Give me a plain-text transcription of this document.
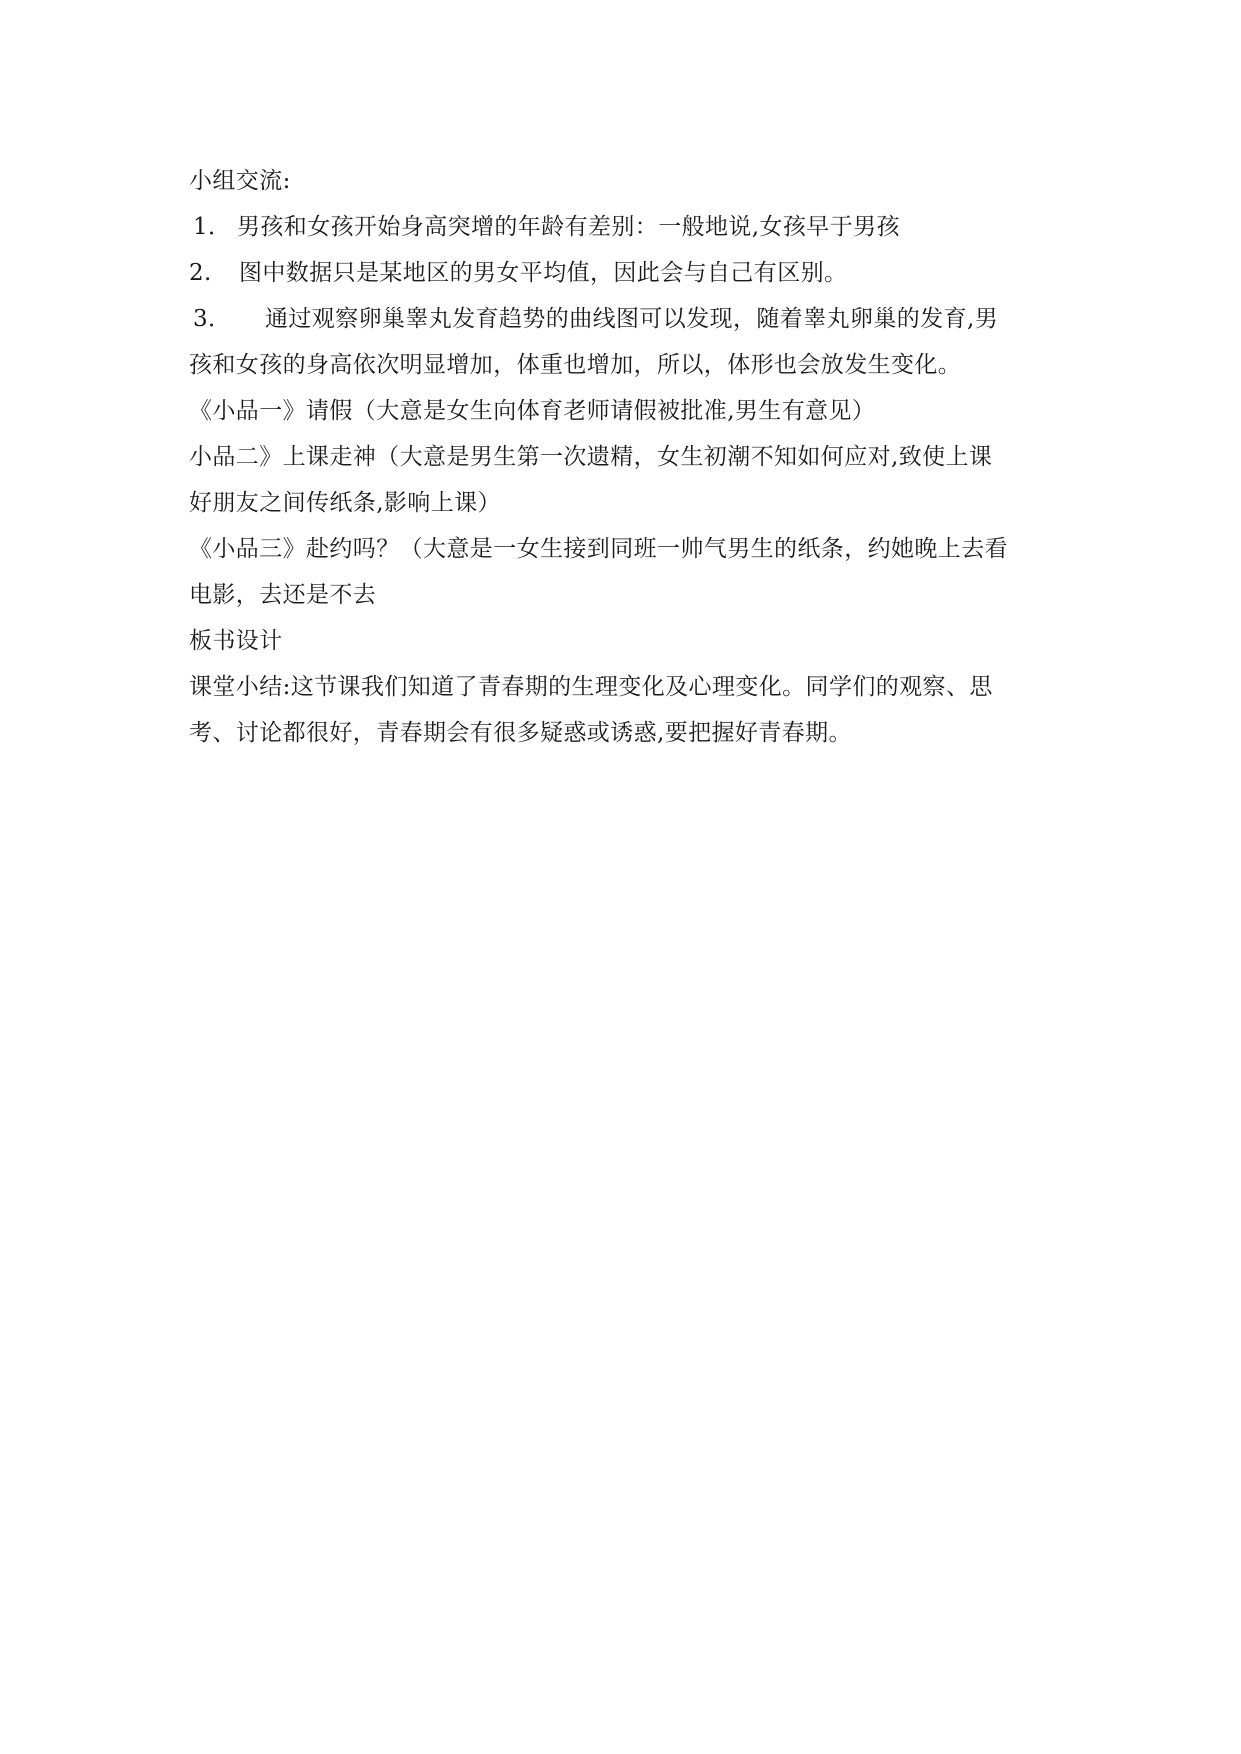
小组交流:
1． 男孩和女孩开始身高突增的年龄有差别：一般地说,女孩早于男孩
2. 图中数据只是某地区的男女平均值，因此会与自己有区别。
3． 通过观察卵巢睾丸发育趋势的曲线图可以发现，随着睾丸卵巢的发育,男
孩和女孩的身高依次明显增加，体重也增加，所以，体形也会放发生变化。
《小品一》请假（大意是女生向体育老师请假被批准,男生有意见）
小品二》上课走神（大意是男生第一次遗精，女生初潮不知如何应对,致使上课
好朋友之间传纸条,影响上课）
《小品三》赴约吗？（大意是一女生接到同班一帅气男生的纸条，约她晚上去看
电影，去还是不去
板书设计
课堂小结:这节课我们知道了青春期的生理变化及心理变化。同学们的观察、思
考、讨论都很好，青春期会有很多疑惑或诱惑,要把握好青春期。
